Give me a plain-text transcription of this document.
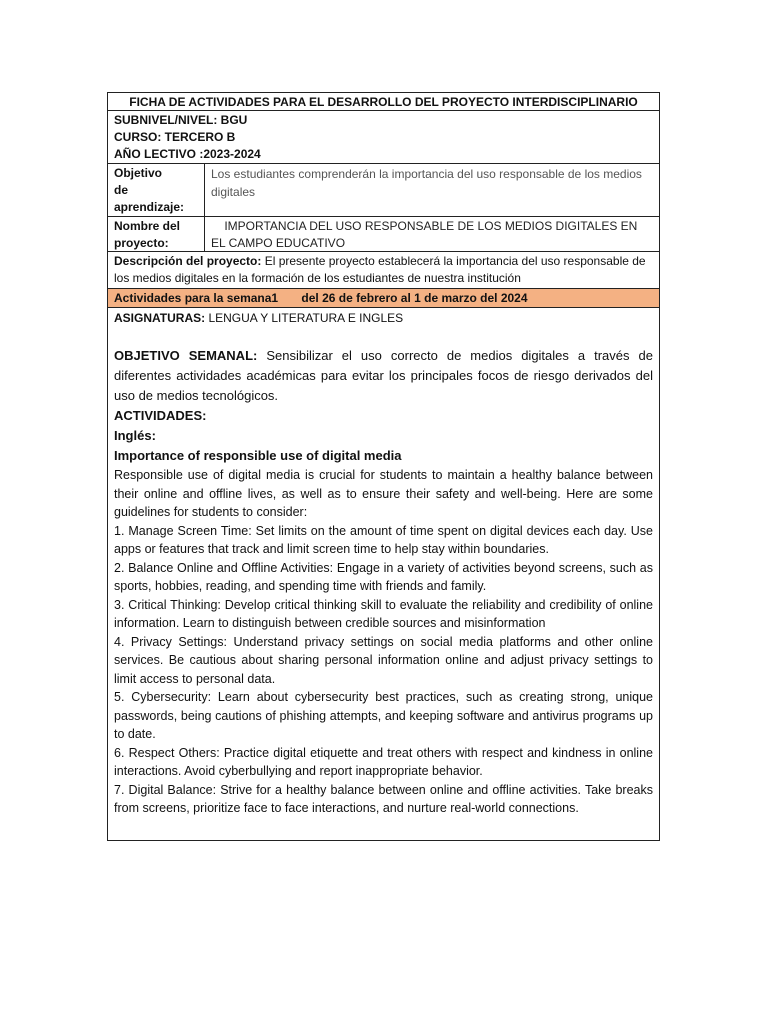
FICHA DE ACTIVIDADES PARA EL DESARROLLO DEL PROYECTO INTERDISCIPLINARIO
SUBNIVEL/NIVEL: BGU
CURSO: TERCERO B
AÑO LECTIVO :2023-2024
Objetivo
de
aprendizaje:
Los estudiantes comprenderán la importancia del uso responsable de los medios digitales
Nombre del
proyecto:
IMPORTANCIA DEL USO RESPONSABLE DE LOS MEDIOS DIGITALES EN EL CAMPO EDUCATIVO
Descripción del proyecto: El presente proyecto establecerá la importancia del uso responsable de los medios digitales en la formación de los estudiantes de nuestra institución
Actividades para la semana1       del 26 de febrero al 1 de marzo del 2024
ASIGNATURAS: LENGUA Y LITERATURA E INGLES

OBJETIVO SEMANAL: Sensibilizar el uso correcto de medios digitales a través de diferentes actividades académicas para evitar los principales focos de riesgo derivados del uso de medios tecnológicos.

ACTIVIDADES:

Inglés:

Importance of responsible use of digital media

Responsible use of digital media is crucial for students to maintain a healthy balance between their online and offline lives, as well as to ensure their safety and well-being. Here are some guidelines for students to consider:

1. Manage Screen Time: Set limits on the amount of time spent on digital devices each day. Use apps or features that track and limit screen time to help stay within boundaries.

2. Balance Online and Offline Activities: Engage in a variety of activities beyond screens, such as sports, hobbies, reading, and spending time with friends and family.

3. Critical Thinking: Develop critical thinking skill to evaluate the reliability and credibility of online information. Learn to distinguish between credible sources and misinformation

4. Privacy Settings: Understand privacy settings on social media platforms and other online services. Be cautious about sharing personal information online and adjust privacy settings to limit access to personal data.

5. Cybersecurity: Learn about cybersecurity best practices, such as creating strong, unique passwords, being cautions of phishing attempts, and keeping software and antivirus programs up to date.

6. Respect Others: Practice digital etiquette and treat others with respect and kindness in online interactions. Avoid cyberbullying and report inappropriate behavior.

7. Digital Balance: Strive for a healthy balance between online and offline activities. Take breaks from screens, prioritize face to face interactions, and nurture real-world connections.
